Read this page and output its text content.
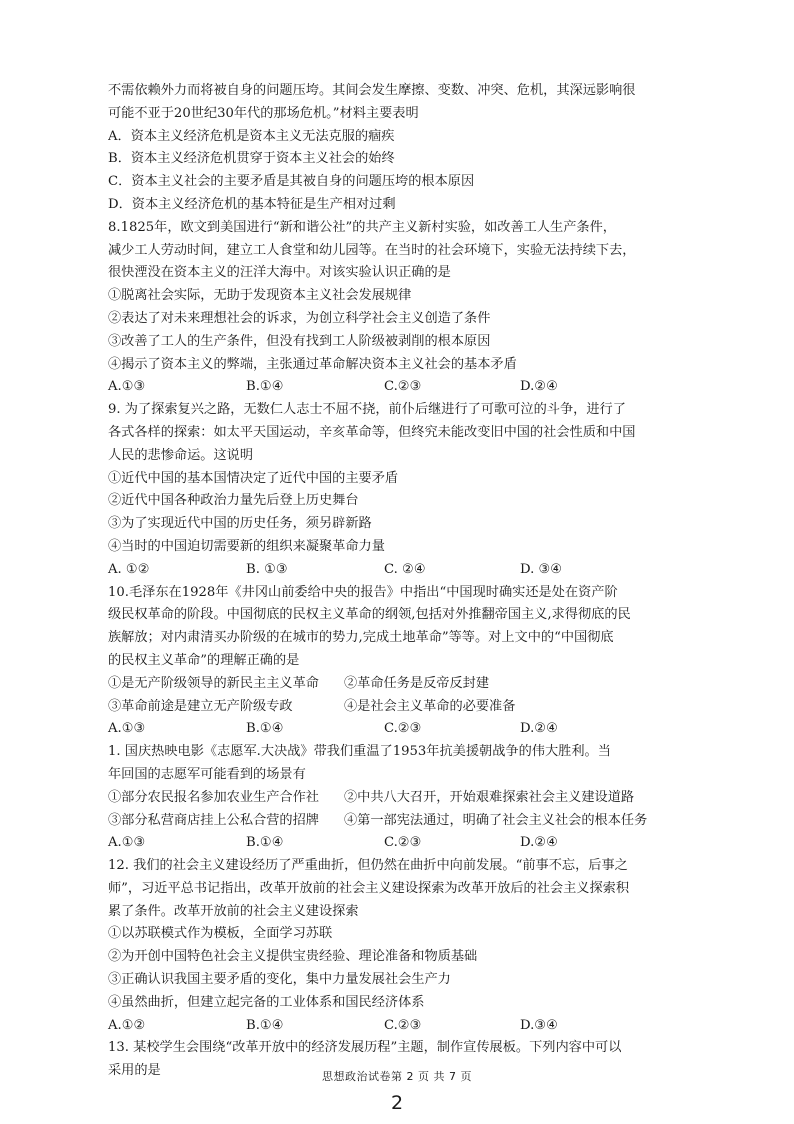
不需依赖外力而将被自身的问题压垮。其间会发生摩擦、变数、冲突、危机，其深远影响很
可能不亚于20世纪30年代的那场危机。”材料主要表明
A．资本主义经济危机是资本主义无法克服的痼疾
B．资本主义经济危机贯穿于资本主义社会的始终
C．资本主义社会的主要矛盾是其被自身的问题压垮的根本原因
D．资本主义经济危机的基本特征是生产相对过剩
8.1825年，欧文到美国进行“新和谐公社”的共产主义新村实验，如改善工人生产条件，
减少工人劳动时间，建立工人食堂和幼儿园等。在当时的社会环境下，实验无法持续下去，
很快湮没在资本主义的汪洋大海中。对该实验认识正确的是
①脱离社会实际，无助于发现资本主义社会发展规律
②表达了对未来理想社会的诉求，为创立科学社会主义创造了条件
③改善了工人的生产条件，但没有找到工人阶级被剥削的根本原因
④揭示了资本主义的弊端，主张通过革命解决资本主义社会的基本矛盾
A.①③	B.①④	C.②③	D.②④
9. 为了探索复兴之路，无数仁人志士不屈不挠，前仆后继进行了可歌可泣的斗争，进行了
各式各样的探索：如太平天国运动，辛亥革命等，但终究未能改变旧中国的社会性质和中国
人民的悲惨命运。这说明
①近代中国的基本国情决定了近代中国的主要矛盾
②近代中国各种政治力量先后登上历史舞台
③为了实现近代中国的历史任务，须另辟新路
④当时的中国迫切需要新的组织来凝聚革命力量
A. ①②	B. ①③	C. ②④	D. ③④
10.毛泽东在1928年《井冈山前委给中央的报告》中指出“中国现时确实还是处在资产阶
级民权革命的阶段。中国彻底的民权主义革命的纲领,包括对外推翻帝国主义,求得彻底的民
族解放；对内肃清买办阶级的在城市的势力,完成土地革命”等等。对上文中的“中国彻底
的民权主义革命”的理解正确的是
①是无产阶级领导的新民主主义革命	②革命任务是反帝反封建
③革命前途是建立无产阶级专政	④是社会主义革命的必要准备
A.①③	B.①④	C.②③	D.②④
1. 国庆热映电影《志愿军.大决战》带我们重温了1953年抗美援朝战争的伟大胜利。当
年回国的志愿军可能看到的场景有
①部分农民报名参加农业生产合作社	②中共八大召开，开始艰难探索社会主义建设道路
③部分私营商店挂上公私合营的招牌	④第一部宪法通过，明确了社会主义社会的根本任务
A.①③	B.①④	C.②③	D.②④
12. 我们的社会主义建设经历了严重曲折，但仍然在曲折中向前发展。“前事不忘，后事之
师”，习近平总书记指出，改革开放前的社会主义建设探索为改革开放后的社会主义探索积
累了条件。改革开放前的社会主义建设探索
①以苏联模式作为模板，全面学习苏联
②为开创中国特色社会主义提供宝贵经验、理论准备和物质基础
③正确认识我国主要矛盾的变化，集中力量发展社会生产力
④虽然曲折，但建立起完备的工业体系和国民经济体系
A.①②	B.①④	C.②③	D.③④
13. 某校学生会围绕“改革开放中的经济发展历程”主题，制作宣传展板。下列内容中可以
采用的是	思想政治试卷第 2 页 共 7 页
2
